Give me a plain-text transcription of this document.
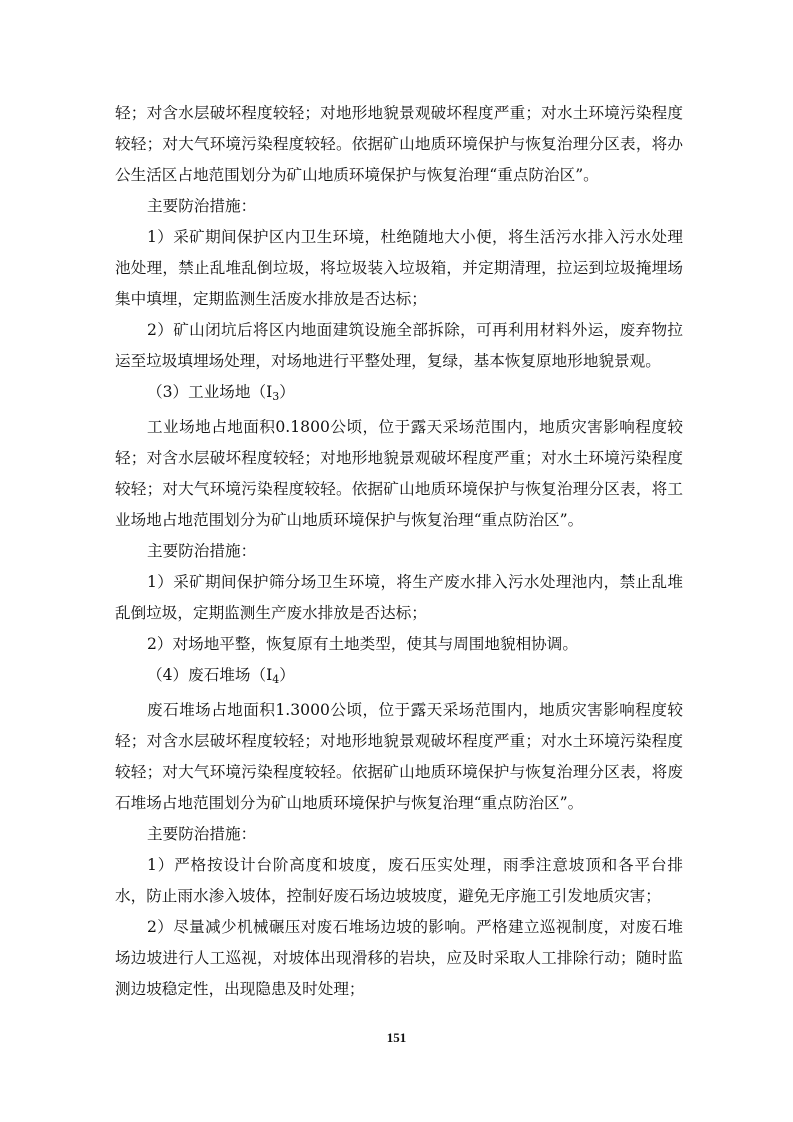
轻；对含水层破坏程度较轻；对地形地貌景观破坏程度严重；对水土环境污染程度较轻；对大气环境污染程度较轻。依据矿山地质环境保护与恢复治理分区表，将办公生活区占地范围划分为矿山地质环境保护与恢复治理“重点防治区”。

主要防治措施：

1）采矿期间保护区内卫生环境，杜绝随地大小便，将生活污水排入污水处理池处理，禁止乱堆乱倒垃圾，将垃圾装入垃圾箱，并定期清理，拉运到垃圾掩埋场集中填埋，定期监测生活废水排放是否达标；

2）矿山闭坑后将区内地面建筑设施全部拆除，可再利用材料外运，废弃物拉运至垃圾填埋场处理，对场地进行平整处理，复绿，基本恢复原地形地貌景观。

（3）工业场地$(I_3)$

工业场地占地面积0.1800公顷，位于露天采场范围内，地质灾害影响程度较轻；对含水层破坏程度较轻；对地形地貌景观破坏程度严重；对水土环境污染程度较轻；对大气环境污染程度较轻。依据矿山地质环境保护与恢复治理分区表，将工业场地占地范围划分为矿山地质环境保护与恢复治理“重点防治区”。

主要防治措施：

1）采矿期间保护筛分场卫生环境，将生产废水排入污水处理池内，禁止乱堆乱倒垃圾，定期监测生产废水排放是否达标；

2）对场地平整，恢复原有土地类型，使其与周围地貌相协调。

（4）废石堆场$(I_4)$

废石堆场占地面积1.3000公顷，位于露天采场范围内，地质灾害影响程度较轻；对含水层破坏程度较轻；对地形地貌景观破坏程度严重；对水土环境污染程度较轻；对大气环境污染程度较轻。依据矿山地质环境保护与恢复治理分区表，将废石堆场占地范围划分为矿山地质环境保护与恢复治理“重点防治区”。

主要防治措施：

1）严格按设计台阶高度和坡度，废石压实处理，雨季注意坡顶和各平台排水，防止雨水渗入坡体，控制好废石场边坡坡度，避免无序施工引发地质灾害；

2）尽量减少机械碾压对废石堆场边坡的影响。严格建立巡视制度，对废石堆场边坡进行人工巡视，对坡体出现滑移的岩块，应及时采取人工排除行动；随时监测边坡稳定性，出现隐患及时处理；

151
